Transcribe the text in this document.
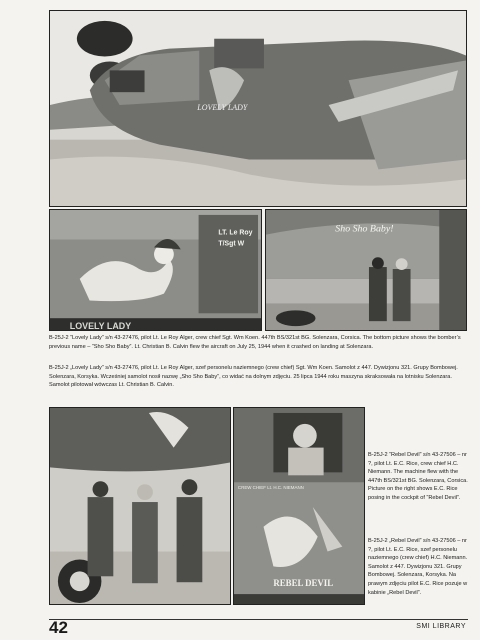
LOVELY LADY
LT. Le Roy
T/Sgt W
LOVELY LADY
Sho Sho Baby!

B-25J-2 “Lovely Lady” s/n 43-27476, pilot Lt. Le Roy Alger, crew chief Sgt. Wm Koen. 447th BS/321st BG. Solenzara, Corsica. The bottom picture shows the bomber’s previous name – “Sho Sho Baby”. Lt. Christian B. Calvin flew the aircraft on July 25, 1944 when it crashed on landing at Solenzara.

B-25J-2 „Lovely Lady” s/n 43-27476, pilot Lt. Le Roy Alger, szef personelu naziemnego (crew chief) Sgt. Wm Koen. Samolot z 447. Dywizjonu 321. Grupy Bombowej. Solenzara, Korsyka. Wcześniej samolot nosił nazwę „Sho Sho Baby”, co widać na dolnym zdjęciu. 25 lipca 1944 roku maszyna skraksowała na lotnisku Solenzara. Samolot pilotował wówczas Lt. Christian B. Calvin.

CREW CHIEF Lt. H.C. NIEMANN
REBEL DEVIL

B-25J-2 “Rebel Devil” s/n 43-27506 – nr ?, pilot Lt. E.C. Rice, crew chief H.C. Niemann. The machine flew with the 447th BS/321st BG. Solenzara, Corsica. Picture on the right shows E.C. Rice posing in the cockpit of “Rebel Devil”.

B-25J-2 „Rebel Devil” s/n 43-27506 – nr ?, pilot Lt. E.C. Rice, szef personelu naziemnego (crew chief) H.C. Niemann. Samolot z 447. Dywizjonu 321. Grupy Bombowej. Solenzara, Korsyka. Na prawym zdjęciu pilot E.C. Rice pozuje w kabinie „Rebel Devil”.

42	SMI LIBRARY
